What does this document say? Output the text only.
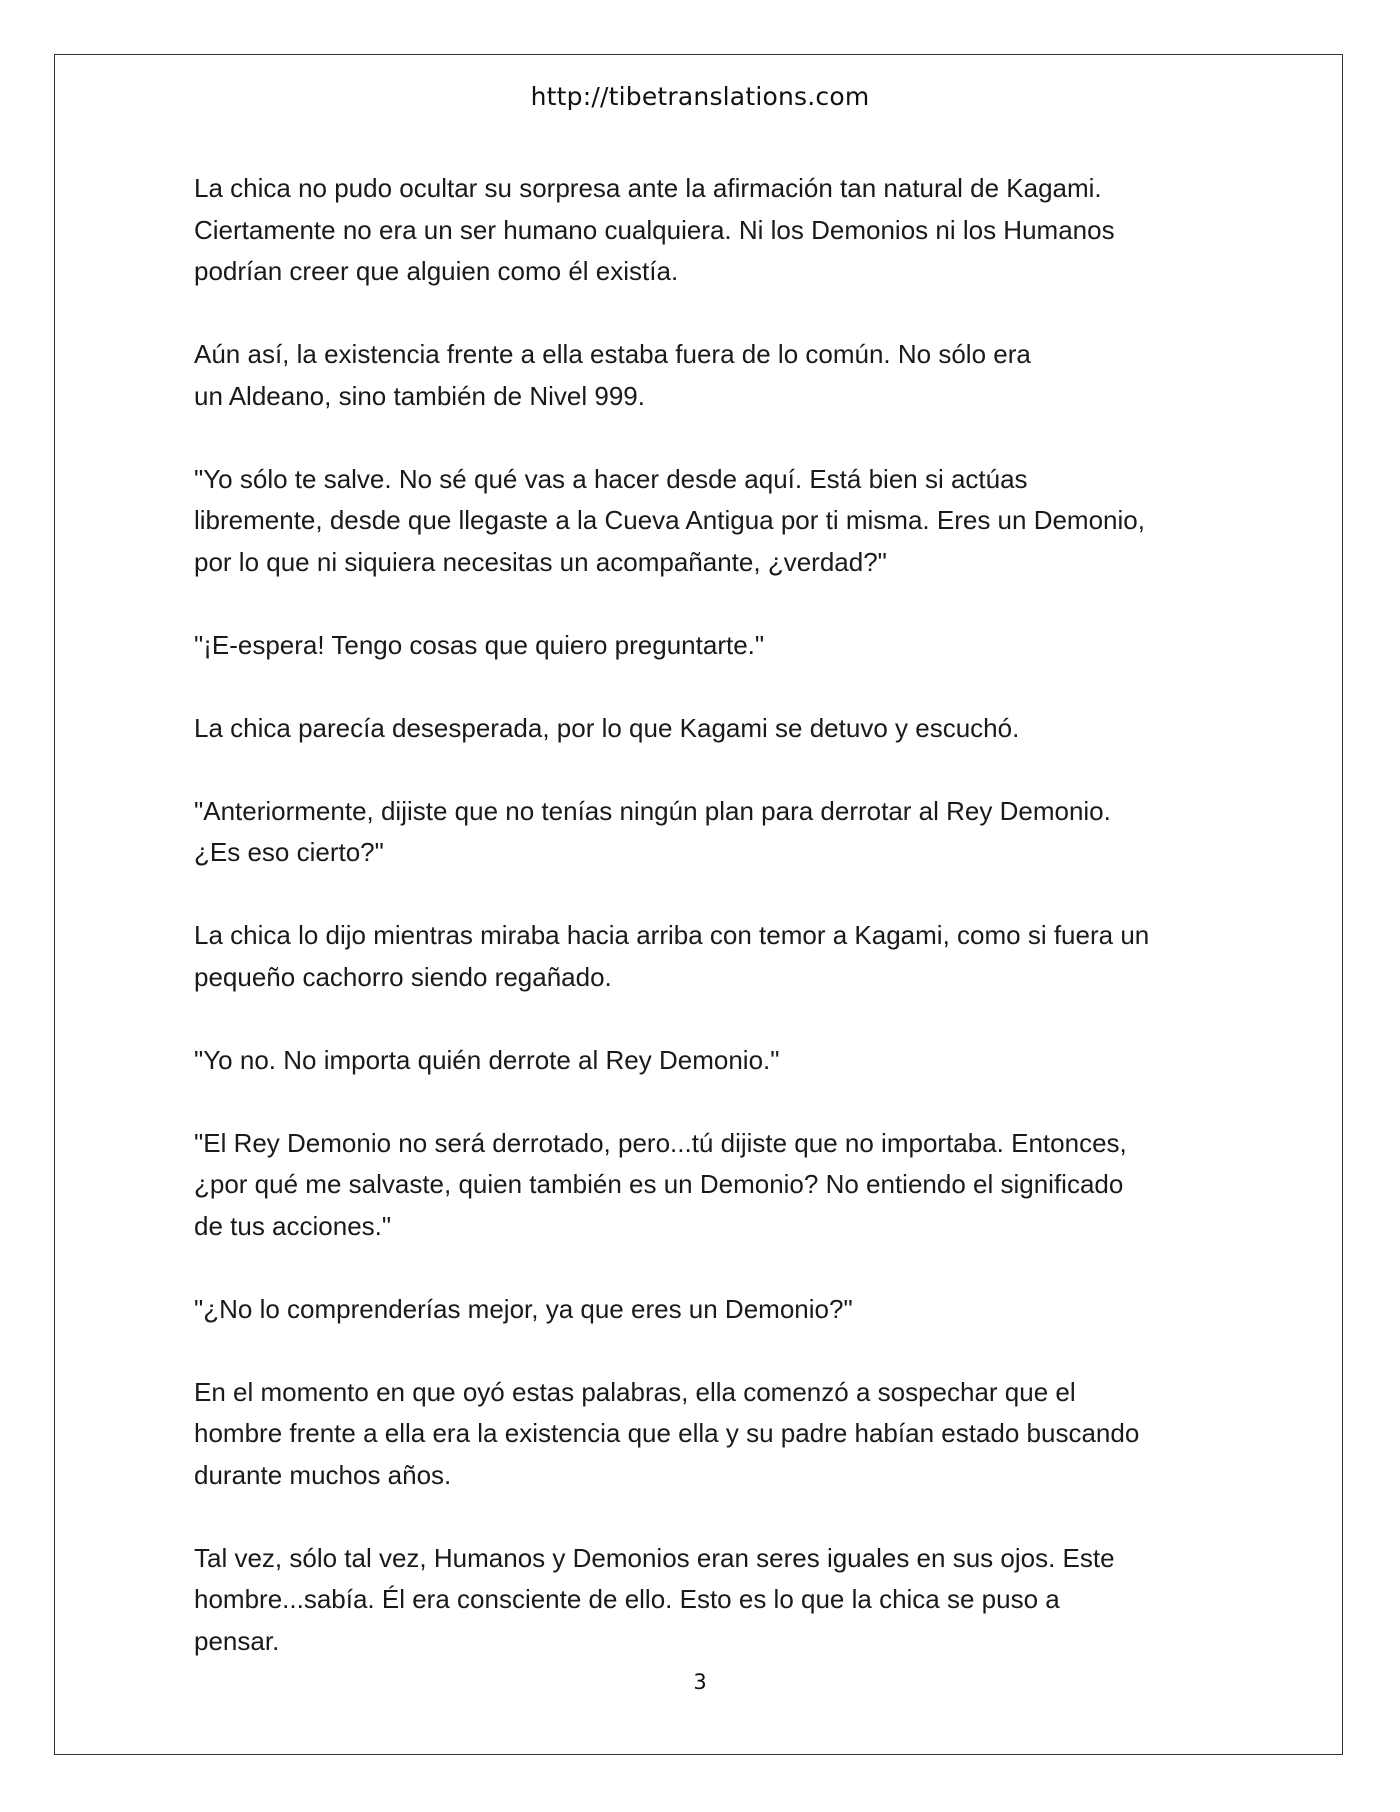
http://tibetranslations.com

La chica no pudo ocultar su sorpresa ante la afirmación tan natural de Kagami.
Ciertamente no era un ser humano cualquiera. Ni los Demonios ni los Humanos
podrían creer que alguien como él existía.

Aún así, la existencia frente a ella estaba fuera de lo común. No sólo era
un Aldeano, sino también de Nivel 999.

"Yo sólo te salve. No sé qué vas a hacer desde aquí. Está bien si actúas
libremente, desde que llegaste a la Cueva Antigua por ti misma. Eres un Demonio,
por lo que ni siquiera necesitas un acompañante, ¿verdad?"

"¡E-espera! Tengo cosas que quiero preguntarte."

La chica parecía desesperada, por lo que Kagami se detuvo y escuchó.

"Anteriormente, dijiste que no tenías ningún plan para derrotar al Rey Demonio.
¿Es eso cierto?"

La chica lo dijo mientras miraba hacia arriba con temor a Kagami, como si fuera un
pequeño cachorro siendo regañado.

"Yo no. No importa quién derrote al Rey Demonio."

"El Rey Demonio no será derrotado, pero...tú dijiste que no importaba. Entonces,
¿por qué me salvaste, quien también es un Demonio? No entiendo el significado
de tus acciones."

"¿No lo comprenderías mejor, ya que eres un Demonio?"

En el momento en que oyó estas palabras, ella comenzó a sospechar que el
hombre frente a ella era la existencia que ella y su padre habían estado buscando
durante muchos años.

Tal vez, sólo tal vez, Humanos y Demonios eran seres iguales en sus ojos. Este
hombre...sabía. Él era consciente de ello. Esto es lo que la chica se puso a
pensar.

3
